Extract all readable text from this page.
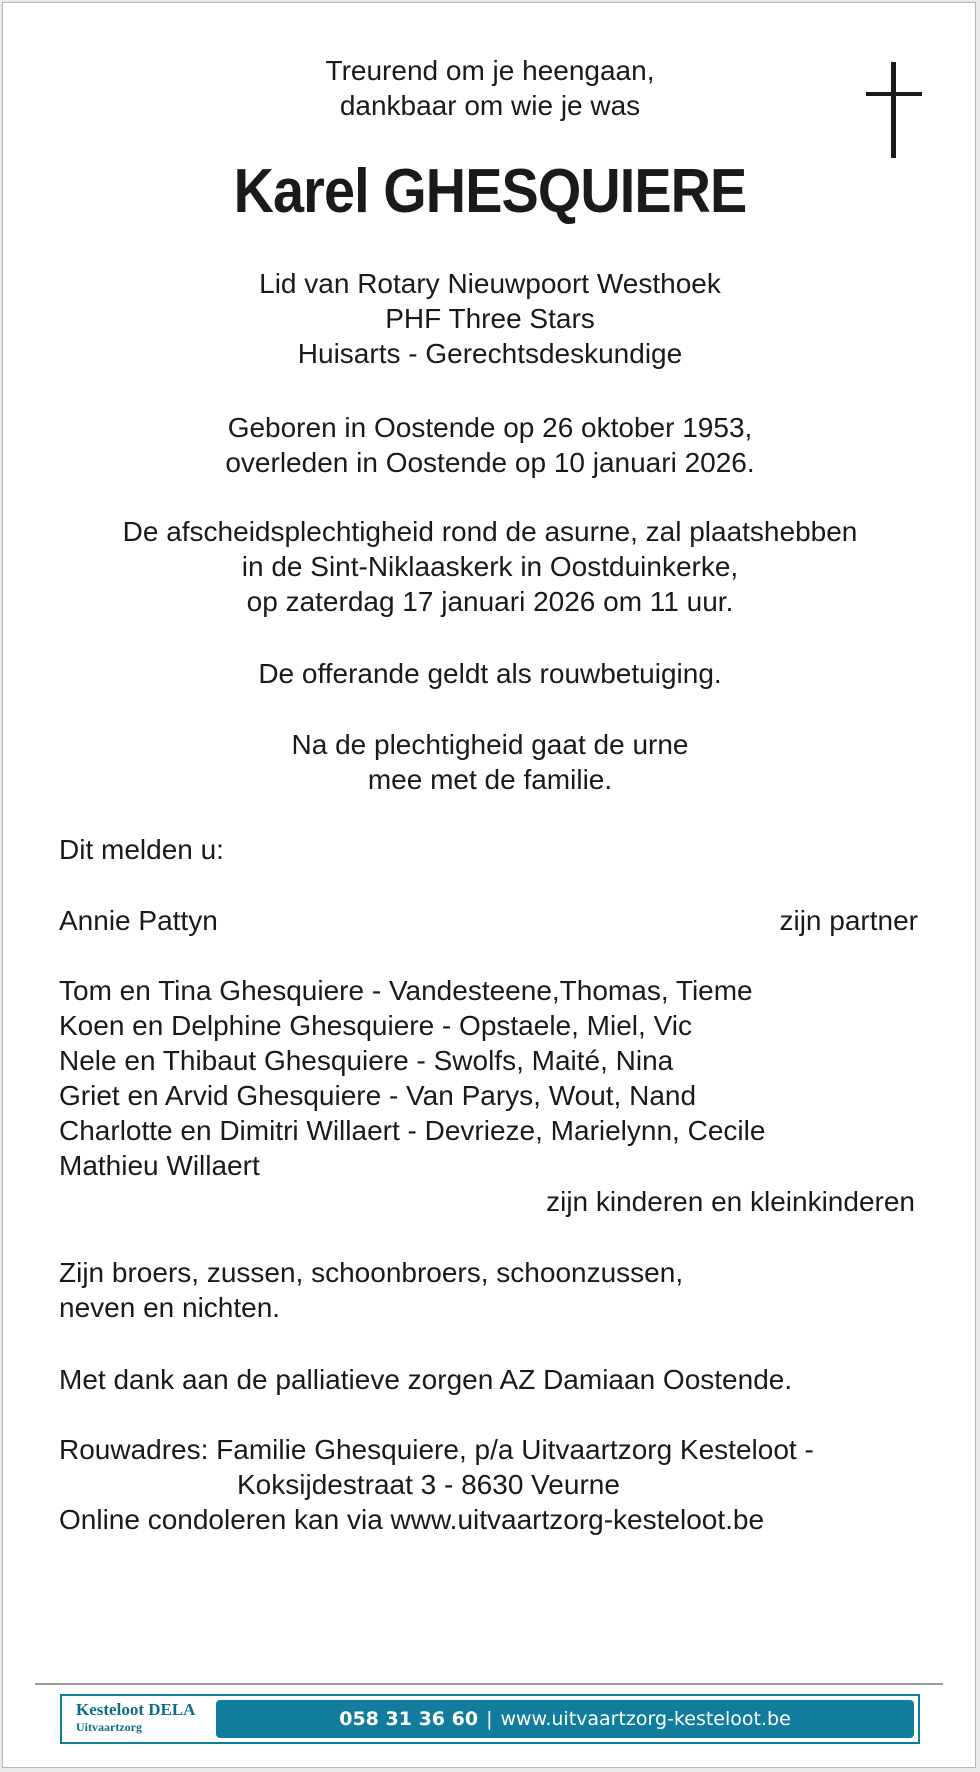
Treurend om je heengaan,
dankbaar om wie je was
Karel GHESQUIERE
Lid van Rotary Nieuwpoort Westhoek
PHF Three Stars
Huisarts - Gerechtsdeskundige
Geboren in Oostende op 26 oktober 1953,
overleden in Oostende op 10 januari 2026.
De afscheidsplechtigheid rond de asurne, zal plaatshebben
in de Sint-Niklaaskerk in Oostduinkerke,
op zaterdag 17 januari 2026 om 11 uur.
De offerande geldt als rouwbetuiging.
Na de plechtigheid gaat de urne
mee met de familie.
Dit melden u:
Annie Pattyn	zijn partner
Tom en Tina Ghesquiere - Vandesteene,Thomas, Tieme
Koen en Delphine Ghesquiere - Opstaele, Miel, Vic
Nele en Thibaut Ghesquiere - Swolfs, Maité, Nina
Griet en Arvid Ghesquiere - Van Parys, Wout, Nand
Charlotte en Dimitri Willaert - Devrieze, Marielynn, Cecile
Mathieu Willaert
zijn kinderen en kleinkinderen
Zijn broers, zussen, schoonbroers, schoonzussen,
neven en nichten.
Met dank aan de palliatieve zorgen AZ Damiaan Oostende.
Rouwadres: Familie Ghesquiere, p/a Uitvaartzorg Kesteloot -
Koksijdestraat 3 - 8630 Veurne
Online condoleren kan via www.uitvaartzorg-kesteloot.be
Kesteloot DELA
Uitvaartzorg	058 31 36 60 | www.uitvaartzorg-kesteloot.be
